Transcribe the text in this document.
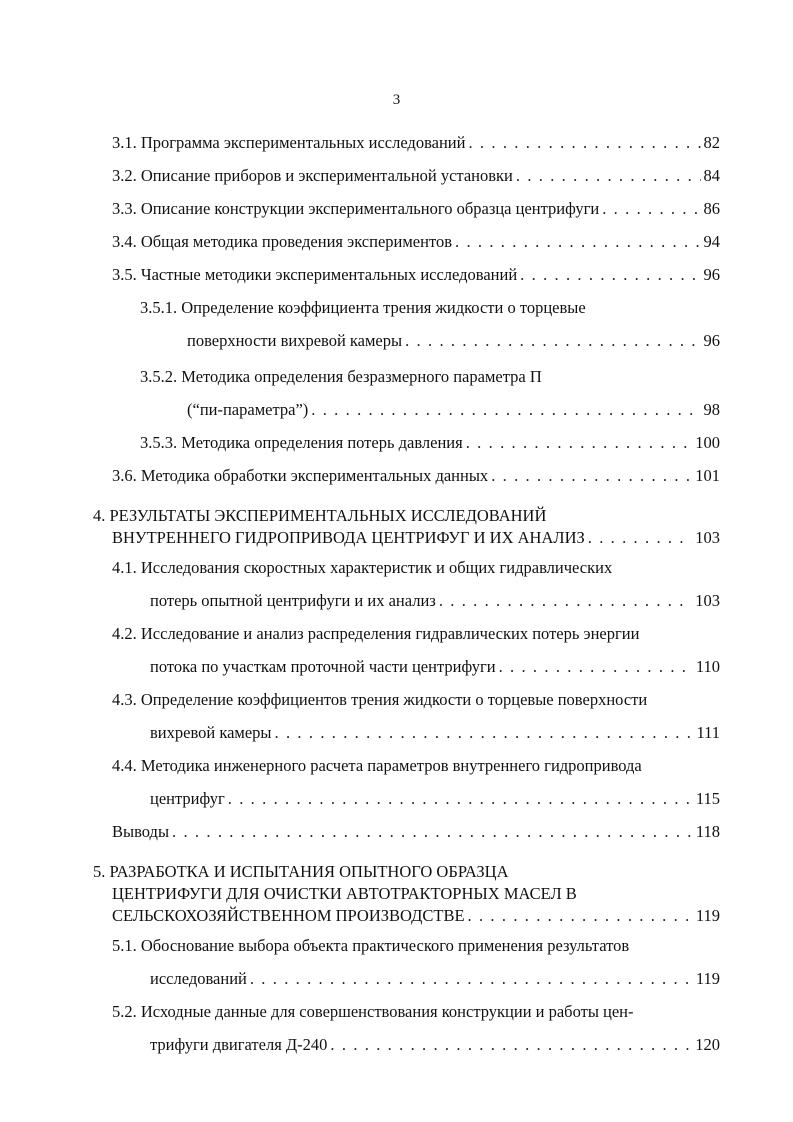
3
3.1. Программа экспериментальных исследований . . .	82
3.2. Описание приборов и экспериментальной установки . . .	84
3.3. Описание конструкции экспериментального образца центрифуги . . .	86
3.4. Общая методика проведения экспериментов . . .	94
3.5. Частные методики экспериментальных исследований . . .	96
3.5.1. Определение коэффициента трения жидкости о торцевые
поверхности вихревой камеры . . .	96
3.5.2. Методика определения безразмерного параметра П
(“пи-параметра”) . . .	98
3.5.3. Методика определения потерь давления . . .	100
3.6. Методика обработки экспериментальных данных . . .	101
4. РЕЗУЛЬТАТЫ ЭКСПЕРИМЕНТАЛЬНЫХ ИССЛЕДОВАНИЙ
ВНУТРЕННЕГО ГИДРОПРИВОДА ЦЕНТРИФУГ И ИХ АНАЛИЗ . . .	103
4.1. Исследования скоростных характеристик и общих гидравлических
потерь опытной центрифуги и их анализ . . .	103
4.2. Исследование и анализ распределения гидравлических потерь энергии
потока по участкам проточной части центрифуги . . .	110
4.3. Определение коэффициентов трения жидкости о торцевые поверхности
вихревой камеры . . .	111
4.4. Методика инженерного расчета параметров внутреннего гидропривода
центрифуг . . .	115
Выводы . . .	118
5. РАЗРАБОТКА И ИСПЫТАНИЯ ОПЫТНОГО ОБРАЗЦА
ЦЕНТРИФУГИ ДЛЯ ОЧИСТКИ АВТОТРАКТОРНЫХ МАСЕЛ В
СЕЛЬСКОХОЗЯЙСТВЕННОМ ПРОИЗВОДСТВЕ . . .	119
5.1. Обоснование выбора объекта практического применения результатов
исследований . . .	119
5.2. Исходные данные для совершенствования конструкции и работы цен-
трифуги двигателя Д-240 . . .	120
